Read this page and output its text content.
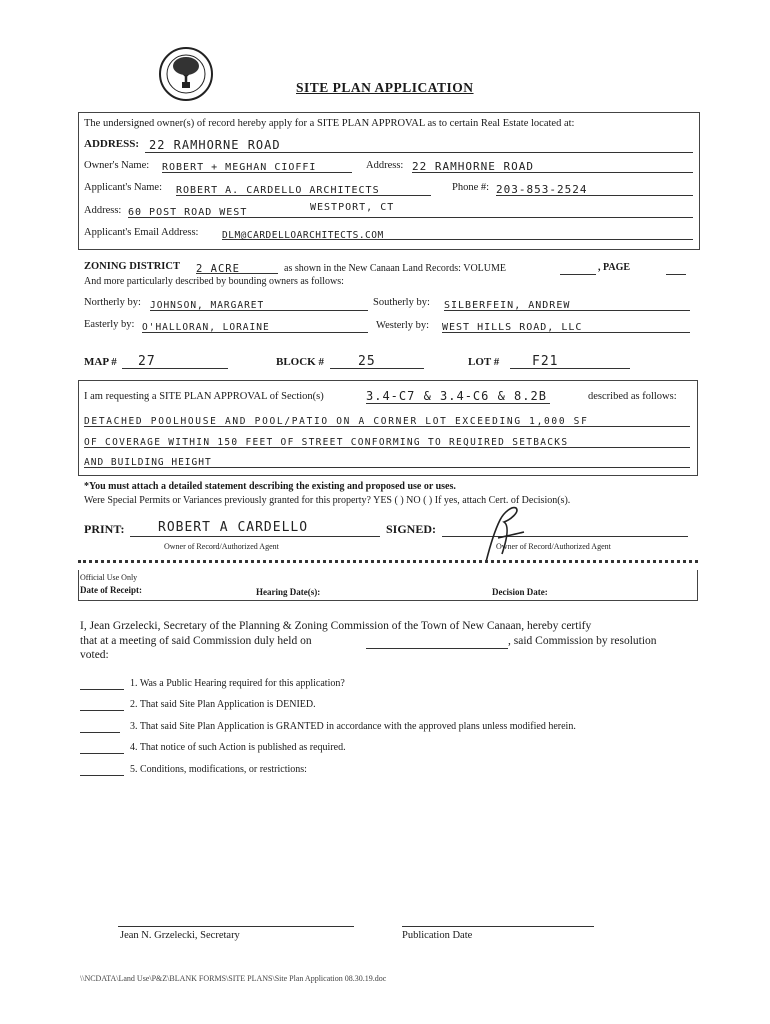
SITE PLAN APPLICATION
The undersigned owner(s) of record hereby apply for a SITE PLAN APPROVAL as to certain Real Estate located at:
ADDRESS: 22 RAMHORNE ROAD
Owner's Name: ROBERT + MEGHAN CIOFFI	Address: 22 RAMHORNE ROAD
Applicant's Name: ROBERT A. CARDELLO ARCHITECTS	Phone #: 203-853-2524
Address: 60 POST ROAD WEST	WESTPORT, CT
Applicant's Email Address: DLM@CARDELLOARCHITECTS.COM
ZONING DISTRICT 2 ACRE	as shown in the New Canaan Land Records: VOLUME	, PAGE
And more particularly described by bounding owners as follows:
Northerly by: JOHNSON, MARGARET	Southerly by: SILBERFEIN, ANDREW
Easterly by: O'HALLORAN, LORAINE	Westerly by: WEST HILLS ROAD, LLC
MAP #	27	BLOCK #	25	LOT #	F21
I am requesting a SITE PLAN APPROVAL of Section(s)	3.4-C7 & 3.4-C6 & 8.2B	described as follows:
DETACHED POOLHOUSE AND POOL/PATIO ON A CORNER LOT EXCEEDING 1,000 SF
OF COVERAGE WITHIN 150 FEET OF STREET CONFORMING TO REQUIRED SETBACKS
AND BUILDING HEIGHT
*You must attach a detailed statement describing the existing and proposed use or uses.
Were Special Permits or Variances previously granted for this property? YES ( ) NO ( ) If yes, attach Cert. of Decision(s).
PRINT:	ROBERT A CARDELLO
Owner of Record/Authorized Agent
SIGNED:
Owner of Record/Authorized Agent
Official Use Only
Date of Receipt:	Hearing Date(s):	Decision Date:
I, Jean Grzelecki, Secretary of the Planning & Zoning Commission of the Town of New Canaan, hereby certify
that at a meeting of said Commission duly held on	, said Commission by resolution
voted:
1. Was a Public Hearing required for this application?
2. That said Site Plan Application is DENIED.
3. That said Site Plan Application is GRANTED in accordance with the approved plans unless modified herein.
4. That notice of such Action is published as required.
5. Conditions, modifications, or restrictions:
Jean N. Grzelecki, Secretary	Publication Date
\\NCDATA\Land Use\P&Z\BLANK FORMS\SITE PLANS\Site Plan Application 08.30.19.doc
